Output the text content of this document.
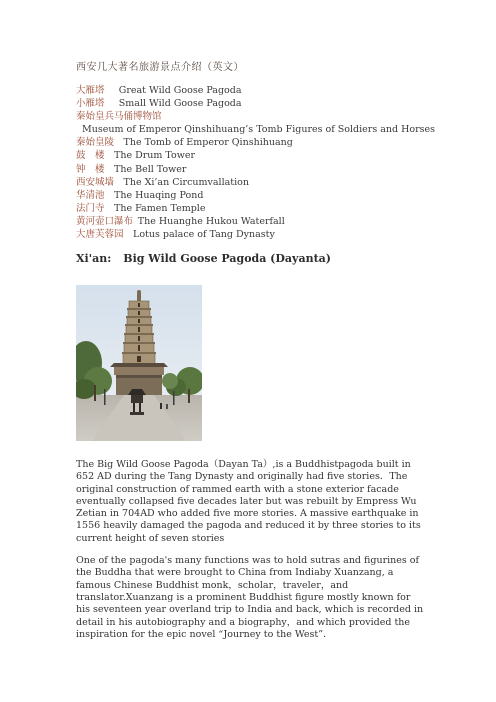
西安几大著名旅游景点介绍（英文）
大雁塔   Great Wild Goose Pagoda
小雁塔   Small Wild Goose Pagoda
秦始皇兵马俑博物馆
Museum of Emperor Qinshihuang’s Tomb Figures of Soldiers and Horses
秦始皇陵   The Tomb of Emperor Qinshihuang
鼓　楼  The Drum Tower
钟　楼  The Bell Tower
西安城墙  The Xi’an Circumvallation
华清池  The Huaqing Pond
法门寺  The Famen Temple
黄河壶口瀑布  The Huanghe Hukou Waterfall
大唐芙蓉园   Lotus palace of Tang Dynasty
Xi'an: Big Wild Goose Pagoda (Dayanta)

The Big Wild Goose Pagoda（Dayan Ta）,is a Buddhistpagoda built in 652 AD during the Tang Dynasty and originally had five stories．The original construction of rammed earth with a stone exterior facade eventually collapsed five decades later but was rebuilt by Empress Wu Zetian in 704AD who added five more stories. A massive earthquake in 1556 heavily damaged the pagoda and reduced it by three stories to its current height of seven stories

One of the pagoda's many functions was to hold sutras and figurines of the Buddha that were brought to China from Indiaby Xuanzang, a famous Chinese Buddhist monk，scholar，traveler，and translator.Xuanzang is a prominent Buddhist figure mostly known for his seventeen year overland trip to India and back, which is recorded in detail in his autobiography and a biography，and which provided the inspiration for the epic novel “Journey to the West”．
